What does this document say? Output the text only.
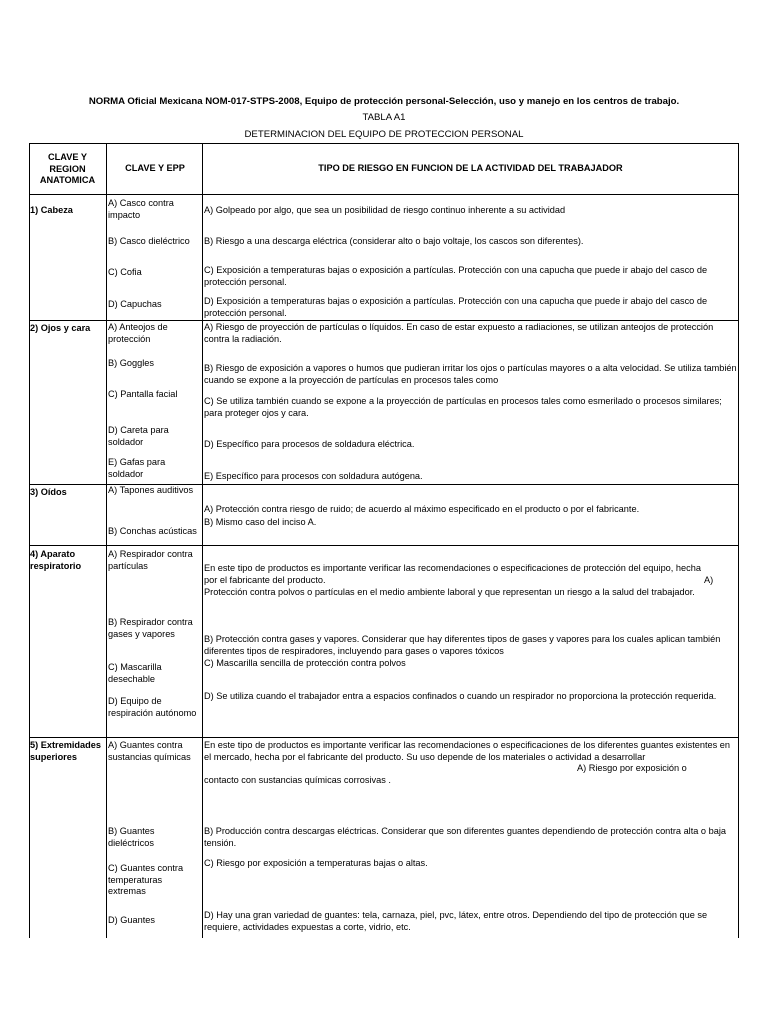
NORMA Oficial Mexicana NOM-017-STPS-2008, Equipo de protección personal-Selección, uso y manejo en los centros de trabajo.
TABLA A1
DETERMINACION DEL EQUIPO DE PROTECCION PERSONAL
CLAVE Y REGION ANATOMICA
CLAVE Y EPP	TIPO DE RIESGO EN FUNCION DE LA ACTIVIDAD DEL TRABAJADOR
1) Cabeza
2) Ojos y cara
3) Oídos
4) Aparato respiratorio
5) Extremidades superiores
A) Casco contra impacto
B) Casco dieléctrico
C) Cofia
D) Capuchas
A) Anteojos de protección
B) Goggles
C) Pantalla facial
D) Careta para soldador
E) Gafas para soldador
A) Tapones auditivos
B) Conchas acústicas
A) Respirador contra partículas
B) Respirador contra gases y vapores
C) Mascarilla desechable
D) Equipo de respiración autónomo
A) Guantes contra sustancias químicas
B) Guantes dieléctricos
C) Guantes contra temperaturas extremas
D) Guantes
A) Golpeado por algo, que sea un posibilidad de riesgo continuo inherente a su actividad
B) Riesgo a una descarga eléctrica (considerar alto o bajo voltaje, los cascos son diferentes).
C) Exposición a temperaturas bajas o exposición a partículas. Protección con una capucha que puede ir abajo del casco de protección personal.
D) Exposición a temperaturas bajas o exposición a partículas. Protección con una capucha que puede ir abajo del casco de protección personal.
A) Riesgo de proyección de partículas o líquidos. En caso de estar expuesto a radiaciones, se utilizan anteojos de protección contra la radiación.
B) Riesgo de exposición a vapores o humos que pudieran irritar los ojos o partículas mayores o a alta velocidad. Se utiliza también cuando se expone a la proyección de partículas en procesos tales como
C) Se utiliza también cuando se expone a la proyección de partículas en procesos tales como esmerilado o procesos similares; para proteger ojos y cara.
D) Específico para procesos de soldadura eléctrica.
E) Específico para procesos con soldadura autógena.
A) Protección contra riesgo de ruido; de acuerdo al máximo especificado en el producto o por el fabricante.
B) Mismo caso del inciso A.
En este tipo de productos es importante verificar las recomendaciones o especificaciones de protección del equipo, hecha por el fabricante del producto.	A)
Protección contra polvos o partículas en el medio ambiente laboral y que representan un riesgo a la salud del trabajador.
B) Protección contra gases y vapores. Considerar que hay diferentes tipos de gases y vapores para los cuales aplican también diferentes tipos de respiradores, incluyendo para gases o vapores tóxicos
C) Mascarilla sencilla de protección contra polvos
D) Se utiliza cuando el trabajador entra a espacios confinados o cuando un respirador no proporciona la protección requerida.
En este tipo de productos es importante verificar las recomendaciones o especificaciones de los diferentes guantes existentes en el mercado, hecha por el fabricante del producto. Su uso depende de los materiales o actividad a desarrollar
A) Riesgo por exposición o
contacto con sustancias químicas corrosivas .
B) Producción contra descargas eléctricas. Considerar que son diferentes guantes dependiendo de protección contra alta o baja tensión.
C) Riesgo por exposición a temperaturas bajas o altas.
D) Hay una gran variedad de guantes: tela, carnaza, piel, pvc, látex, entre otros. Dependiendo del tipo de protección que se requiere, actividades expuestas a corte, vidrio, etc.
